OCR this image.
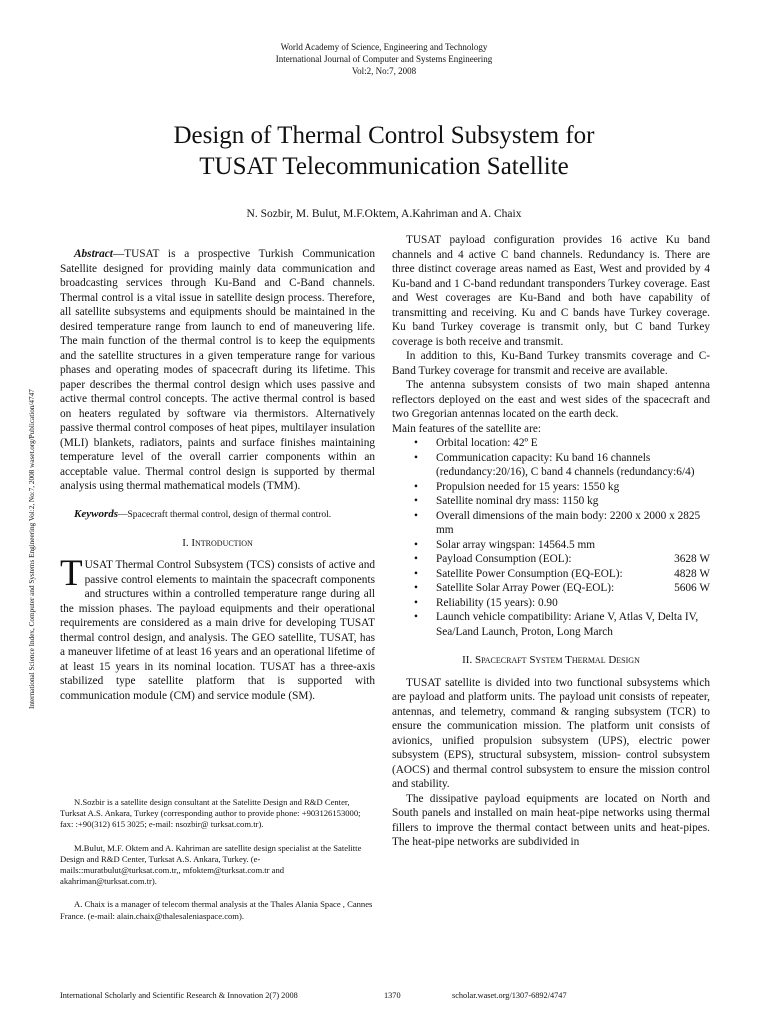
World Academy of Science, Engineering and Technology
International Journal of Computer and Systems Engineering
Vol:2, No:7, 2008
Design of Thermal Control Subsystem for
TUSAT Telecommunication Satellite
N. Sozbir, M. Bulut, M.F.Oktem, A.Kahriman and A. Chaix
International Science Index, Computer and Systems Engineering Vol:2, No:7, 2008 waset.org/Publication/4747

Abstract—TUSAT is a prospective Turkish Communication Satellite designed for providing mainly data communication and broadcasting services through Ku-Band and C-Band channels. Thermal control is a vital issue in satellite design process. Therefore, all satellite subsystems and equipments should be maintained in the desired temperature range from launch to end of maneuvering life. The main function of the thermal control is to keep the equipments and the satellite structures in a given temperature range for various phases and operating modes of spacecraft during its lifetime. This paper describes the thermal control design which uses passive and active thermal control concepts. The active thermal control is based on heaters regulated by software via thermistors. Alternatively passive thermal control composes of heat pipes, multilayer insulation (MLI) blankets, radiators, paints and surface finishes maintaining temperature level of the overall carrier components within an acceptable value. Thermal control design is supported by thermal analysis using thermal mathematical models (TMM).

Keywords—Spacecraft thermal control, design of thermal control.

I. Introduction

TUSAT Thermal Control Subsystem (TCS) consists of active and passive control elements to maintain the spacecraft components and structures within a controlled temperature range during all the mission phases. The payload equipments and their operational requirements are considered as a main drive for developing TUSAT thermal control design, and analysis. The GEO satellite, TUSAT, has a maneuver lifetime of at least 16 years and an operational lifetime of at least 15 years in its nominal location. TUSAT has a three-axis stabilized type satellite platform that is supported with communication module (CM) and service module (SM).

N.Sozbir is a satellite design consultant at the Satelitte Design and R&D Center, Turksat A.S. Ankara, Turkey (corresponding author to provide phone: +903126153000; fax: :+90(312) 615 3025; e-mail: nsozbir@ turksat.com.tr).

M.Bulut, M.F. Oktem and A. Kahriman are satellite design specialist at the Satelitte Design and R&D Center, Turksat A.S. Ankara, Turkey. (e-mails::muratbulut@turksat.com.tr,, mfoktem@turksat.com.tr and akahriman@turksat.com.tr).

A. Chaix is a manager of telecom thermal analysis at the Thales Alania Space , Cannes France. (e-mail: alain.chaix@thalesaleniaspace.com).

TUSAT payload configuration provides 16 active Ku band channels and 4 active C band channels. Redundancy is. There are three distinct coverage areas named as East, West and provided by 4 Ku-band and 1 C-band redundant transponders Turkey coverage. East and West coverages are Ku-Band and both have capability of transmitting and receiving. Ku and C bands have Turkey coverage. Ku band Turkey coverage is transmit only, but C band Turkey coverage is both receive and transmit.

In addition to this, Ku-Band Turkey transmits coverage and C-Band Turkey coverage for transmit and receive are available.

The antenna subsystem consists of two main shaped antenna reflectors deployed on the east and west sides of the spacecraft and two Gregorian antennas located on the earth deck.

Main features of the satellite are:

• Orbital location: 42º E
• Communication capacity: Ku band 16 channels (redundancy:20/16), C band 4 channels (redundancy:6/4)
• Propulsion needed for 15 years: 1550 kg
• Satellite nominal dry mass: 1150 kg
• Overall dimensions of the main body: 2200 x 2000 x 2825 mm
• Solar array wingspan: 14564.5 mm
• Payload Consumption (EOL):	3628 W
• Satellite Power Consumption (EQ-EOL):	4828 W
• Satellite Solar Array Power (EQ-EOL):	5606 W
• Reliability (15 years): 0.90
• Launch vehicle compatibility: Ariane V, Atlas V, Delta IV, Sea/Land Launch, Proton, Long March

II. Spacecraft System Thermal Design

TUSAT satellite is divided into two functional subsystems which are payload and platform units. The payload unit consists of repeater, antennas, and telemetry, command & ranging subsystem (TCR) to ensure the communication mission. The platform unit consists of avionics, unified propulsion subsystem (UPS), electric power subsystem (EPS), structural subsystem, mission- control subsystem (AOCS) and thermal control subsystem to ensure the mission control and stability.

The dissipative payload equipments are located on North and South panels and installed on main heat-pipe networks using thermal fillers to improve the thermal contact between units and heat-pipes. The heat-pipe networks are subdivided in

International Scholarly and Scientific Research & Innovation 2(7) 2008	1370	scholar.waset.org/1307-6892/4747
